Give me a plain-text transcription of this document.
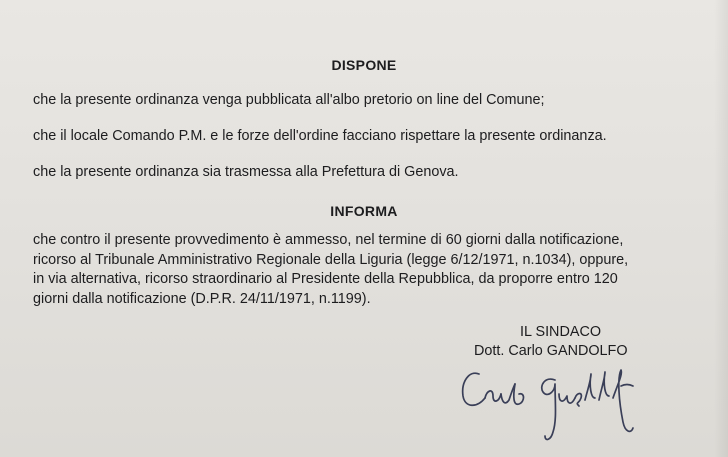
DISPONE

che la presente ordinanza venga pubblicata all'albo pretorio on line del Comune;

che il locale Comando P.M. e le forze dell'ordine facciano rispettare la presente ordinanza.

che la presente ordinanza sia trasmessa alla Prefettura di Genova.

INFORMA
che contro il presente provvedimento è ammesso, nel termine di 60 giorni dalla notificazione,
ricorso al Tribunale Amministrativo Regionale della Liguria (legge 6/12/1971, n.1034), oppure,
in via alternativa, ricorso straordinario al Presidente della Repubblica, da proporre entro 120
giorni dalla notificazione (D.P.R. 24/11/1971, n.1199).

IL SINDACO

Dott. Carlo GANDOLFO
